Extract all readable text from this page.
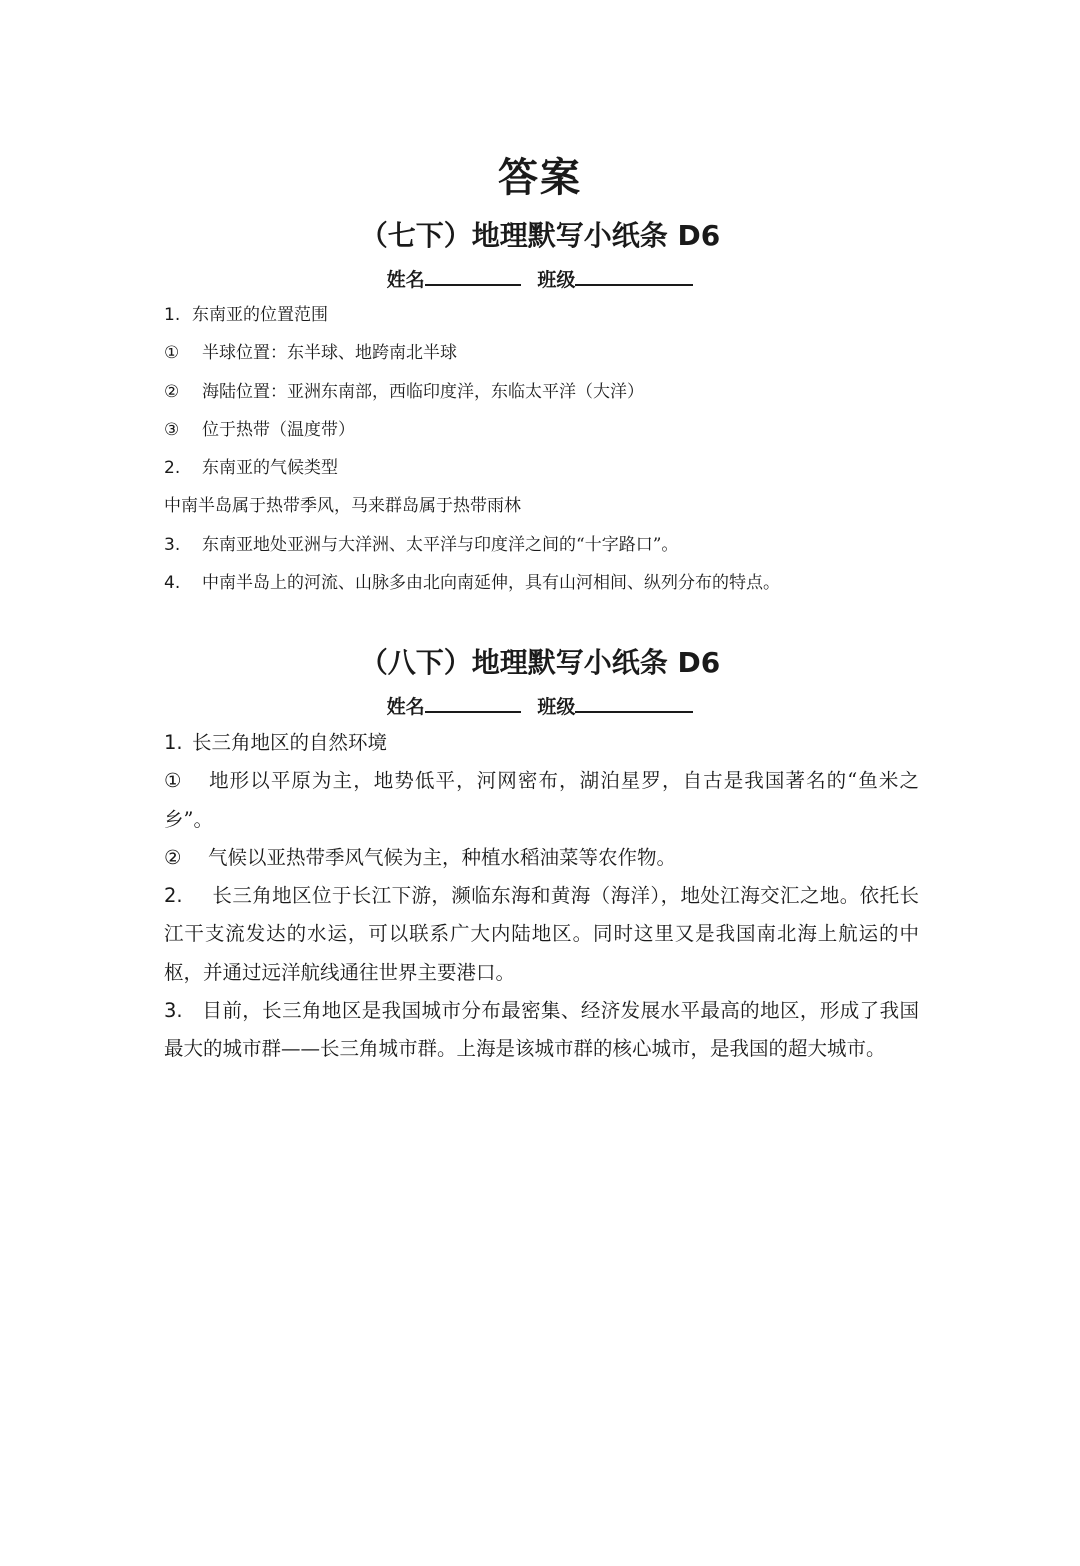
答案
（七下）地理默写小纸条 D6
姓名	班级
1. 东南亚的位置范围
① 半球位置：东半球、地跨南北半球
② 海陆位置：亚洲东南部，西临印度洋，东临太平洋（大洋）
③ 位于热带（温度带）
2. 东南亚的气候类型
中南半岛属于热带季风，马来群岛属于热带雨林
3. 东南亚地处亚洲与大洋洲、太平洋与印度洋之间的“十字路口”。
4. 中南半岛上的河流、山脉多由北向南延伸，具有山河相间、纵列分布的特点。
（八下）地理默写小纸条 D6
姓名	班级
1. 长三角地区的自然环境
① 地形以平原为主，地势低平，河网密布，湖泊星罗，自古是我国著名的“鱼米之乡”。
② 气候以亚热带季风气候为主，种植水稻油菜等农作物。
2. 长三角地区位于长江下游，濒临东海和黄海（海洋），地处江海交汇之地。依托长江干支流发达的水运，可以联系广大内陆地区。同时这里又是我国南北海上航运的中枢，并通过远洋航线通往世界主要港口。
3. 目前，长三角地区是我国城市分布最密集、经济发展水平最高的地区，形成了我国最大的城市群——长三角城市群。上海是该城市群的核心城市，是我国的超大城市。
